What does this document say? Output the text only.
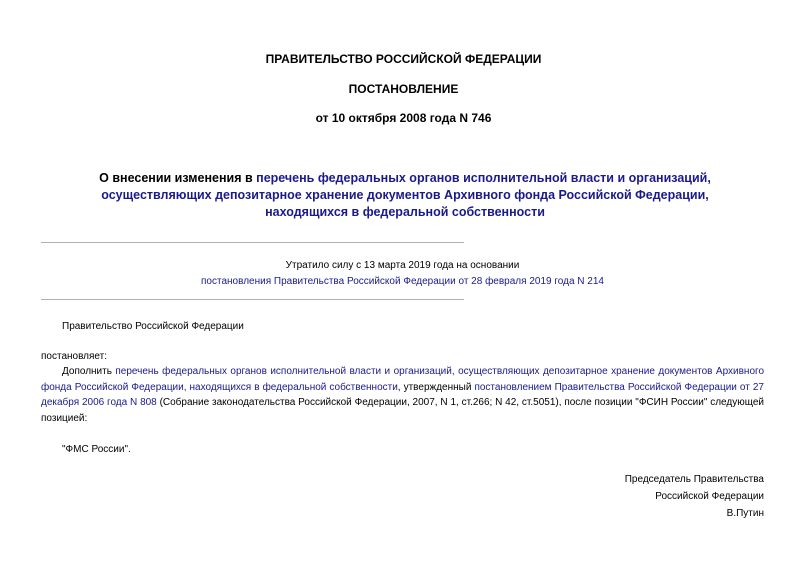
ПРАВИТЕЛЬСТВО РОССИЙСКОЙ ФЕДЕРАЦИИ
ПОСТАНОВЛЕНИЕ
от 10 октября 2008 года N 746
О внесении изменения в перечень федеральных органов исполнительной власти и организаций, осуществляющих депозитарное хранение документов Архивного фонда Российской Федерации, находящихся в федеральной собственности
Утратило силу с 13 марта 2019 года на основании
постановления Правительства Российской Федерации от 28 февраля 2019 года N 214
Правительство Российской Федерации
постановляет:
Дополнить перечень федеральных органов исполнительной власти и организаций, осуществляющих депозитарное хранение документов Архивного фонда Российской Федерации, находящихся в федеральной собственности, утвержденный постановлением Правительства Российской Федерации от 27 декабря 2006 года N 808 (Собрание законодательства Российской Федерации, 2007, N 1, ст.266; N 42, ст.5051), после позиции "ФСИН России" следующей позицией:
"ФМС России".
Председатель Правительства
Российской Федерации
В.Путин
